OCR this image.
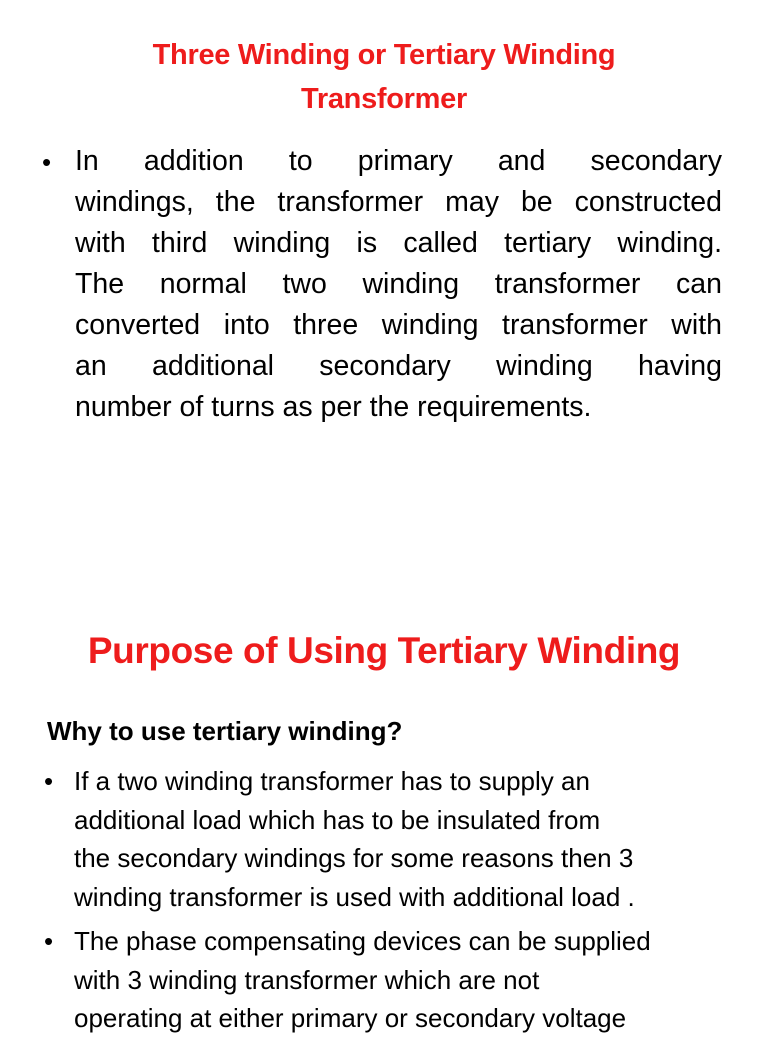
Three Winding or Tertiary Winding
Transformer
• In addition to primary and secondary
windings, the transformer may be constructed
with third winding is called tertiary winding.
The normal two winding transformer can
converted into three winding transformer with
an additional secondary winding having
number of turns as per the requirements.
Purpose of Using Tertiary Winding
Why to use tertiary winding?
• If a two winding transformer has to supply an
additional load which has to be insulated from
the secondary windings for some reasons then 3
winding transformer is used with additional load .
• The phase compensating devices can be supplied
with 3 winding transformer which are not
operating at either primary or secondary voltage
